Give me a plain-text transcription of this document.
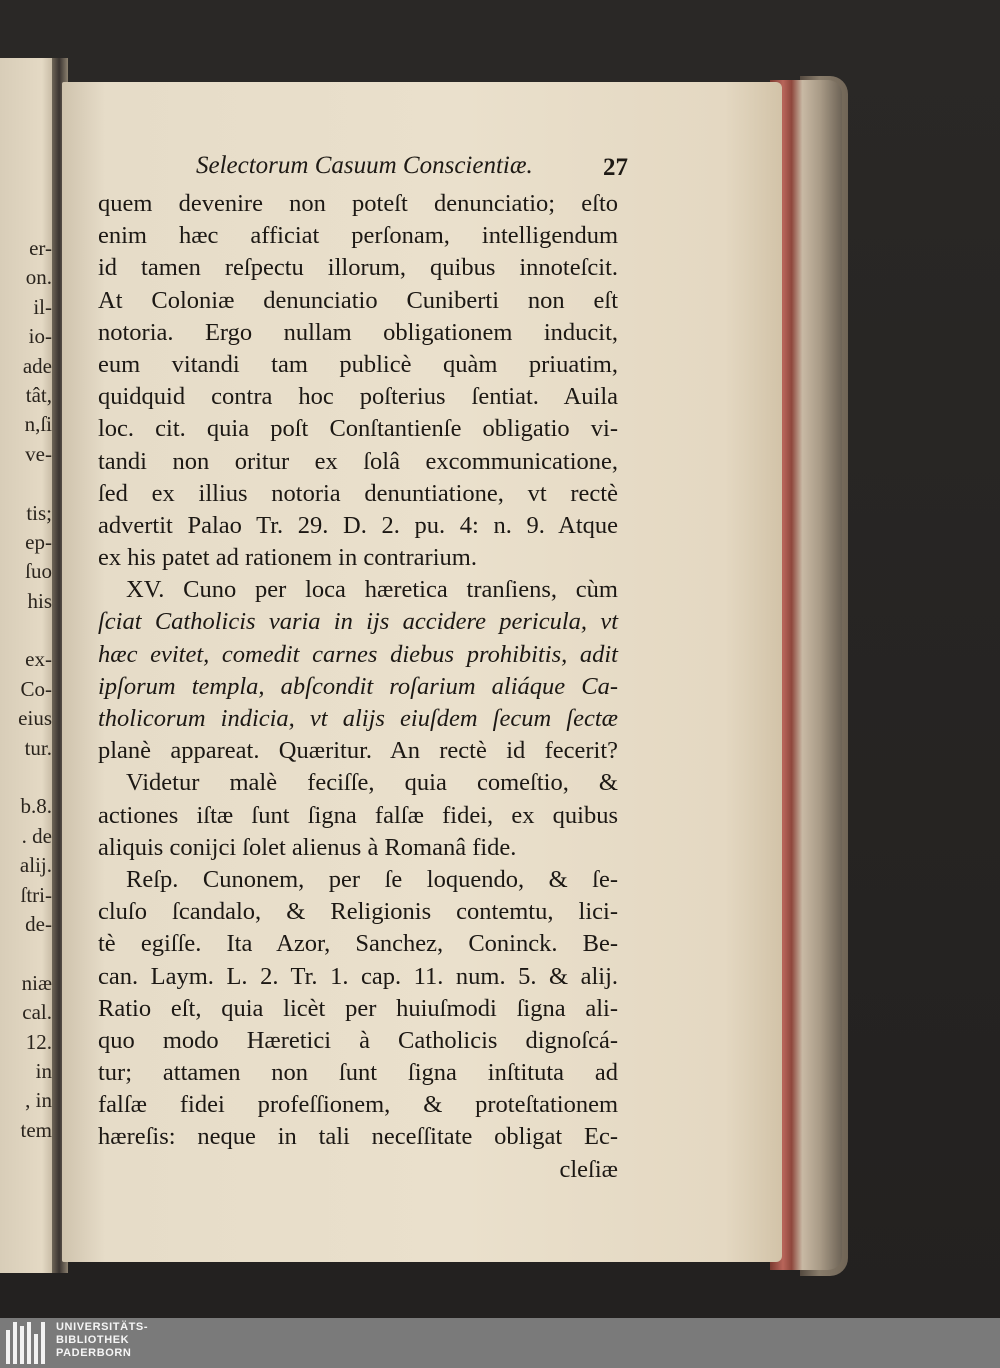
er-
on.
il-
io-
ade
tât,
n,ſi
ve-
tis;
ep-
ſuo
his
ex-
Co-
eius
tur.
b.8.
. de
alij.
ſtri-
de-
niæ
cal.
12.
in
, in
tem
Selectorum Casuum Conscientiæ.	27
quem devenire non poteſt denunciatio; eſto
enim hæc afficiat perſonam, intelligendum
id tamen reſpectu illorum, quibus innoteſcit.
At Coloniæ denunciatio Cuniberti non eſt
notoria. Ergo nullam obligationem inducit,
eum vitandi tam publicè quàm priuatim,
quidquid contra hoc poſterius ſentiat. Auila
loc. cit. quia poſt Conſtantienſe obligatio vi-
tandi non oritur ex ſolâ excommunicatione,
ſed ex illius notoria denuntiatione, vt rectè
advertit Palao Tr. 29. D. 2. pu. 4: n. 9. Atque
ex his patet ad rationem in contrarium.
XV. Cuno per loca hæretica tranſiens, cùm
ſciat Catholicis varia in ijs accidere pericula, vt
hæc evitet, comedit carnes diebus prohibitis, adit
ipſorum templa, abſcondit roſarium aliáque Ca-
tholicorum indicia, vt alijs eiuſdem ſecum ſectæ
planè appareat. Quæritur. An rectè id fecerit?
Videtur malè feciſſe, quia comeſtio, &
actiones iſtæ ſunt ſigna falſæ fidei, ex quibus
aliquis conijci ſolet alienus à Romanâ fide.
Reſp. Cunonem, per ſe loquendo, & ſe-
cluſo ſcandalo, & Religionis contemtu, lici-
tè egiſſe. Ita Azor, Sanchez, Coninck. Be-
can. Laym. L. 2. Tr. 1. cap. 11. num. 5. & alij.
Ratio eſt, quia licèt per huiuſmodi ſigna ali-
quo modo Hæretici à Catholicis dignoſcá-
tur; attamen non ſunt ſigna inſtituta ad
falſæ fidei profeſſionem, & proteſtationem
hæreſis: neque in tali neceſſitate obligat Ec-
cleſiæ
UNIVERSITÄTS-
BIBLIOTHEK
PADERBORN
